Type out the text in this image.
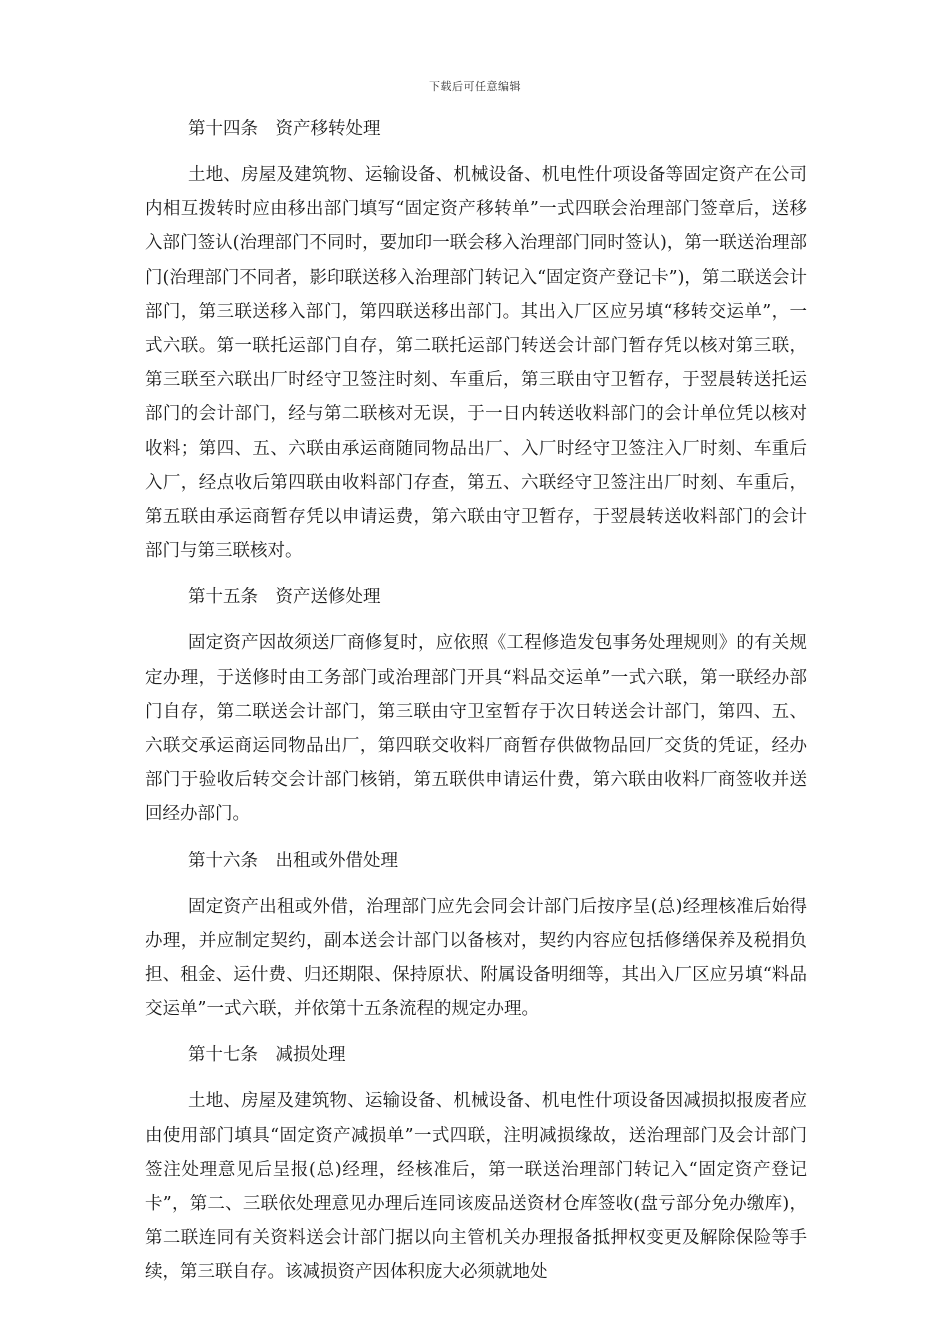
下载后可任意编辑
第十四条　资产移转处理

土地、房屋及建筑物、运输设备、机械设备、机电性什项设备等固定资产在公司内相互拨转时应由移出部门填写“固定资产移转单”一式四联会治理部门签章后，送移入部门签认(治理部门不同时，要加印一联会移入治理部门同时签认)，第一联送治理部门(治理部门不同者，影印联送移入治理部门转记入“固定资产登记卡”)，第二联送会计部门，第三联送移入部门，第四联送移出部门。其出入厂区应另填“移转交运单”，一式六联。第一联托运部门自存，第二联托运部门转送会计部门暂存凭以核对第三联，第三联至六联出厂时经守卫签注时刻、车重后，第三联由守卫暂存，于翌晨转送托运部门的会计部门，经与第二联核对无误，于一日内转送收料部门的会计单位凭以核对收料；第四、五、六联由承运商随同物品出厂、入厂时经守卫签注入厂时刻、车重后入厂，经点收后第四联由收料部门存查，第五、六联经守卫签注出厂时刻、车重后，第五联由承运商暂存凭以申请运费，第六联由守卫暂存，于翌晨转送收料部门的会计部门与第三联核对。

第十五条　资产送修处理

固定资产因故须送厂商修复时，应依照《工程修造发包事务处理规则》的有关规定办理，于送修时由工务部门或治理部门开具“料品交运单”一式六联，第一联经办部门自存，第二联送会计部门，第三联由守卫室暂存于次日转送会计部门，第四、五、六联交承运商运同物品出厂，第四联交收料厂商暂存供做物品回厂交货的凭证，经办部门于验收后转交会计部门核销，第五联供申请运什费，第六联由收料厂商签收并送回经办部门。

第十六条　出租或外借处理

固定资产出租或外借，治理部门应先会同会计部门后按序呈(总)经理核准后始得办理，并应制定契约，副本送会计部门以备核对，契约内容应包括修缮保养及税捐负担、租金、运什费、归还期限、保持原状、附属设备明细等，其出入厂区应另填“料品交运单”一式六联，并依第十五条流程的规定办理。

第十七条　减损处理

土地、房屋及建筑物、运输设备、机械设备、机电性什项设备因减损拟报废者应由使用部门填具“固定资产减损单”一式四联，注明减损缘故，送治理部门及会计部门签注处理意见后呈报(总)经理，经核准后，第一联送治理部门转记入“固定资产登记卡”，第二、三联依处理意见办理后连同该废品送资材仓库签收(盘亏部分免办缴库)，第二联连同有关资料送会计部门据以向主管机关办理报备抵押权变更及解除保险等手续，第三联自存。该减损资产因体积庞大必须就地处
